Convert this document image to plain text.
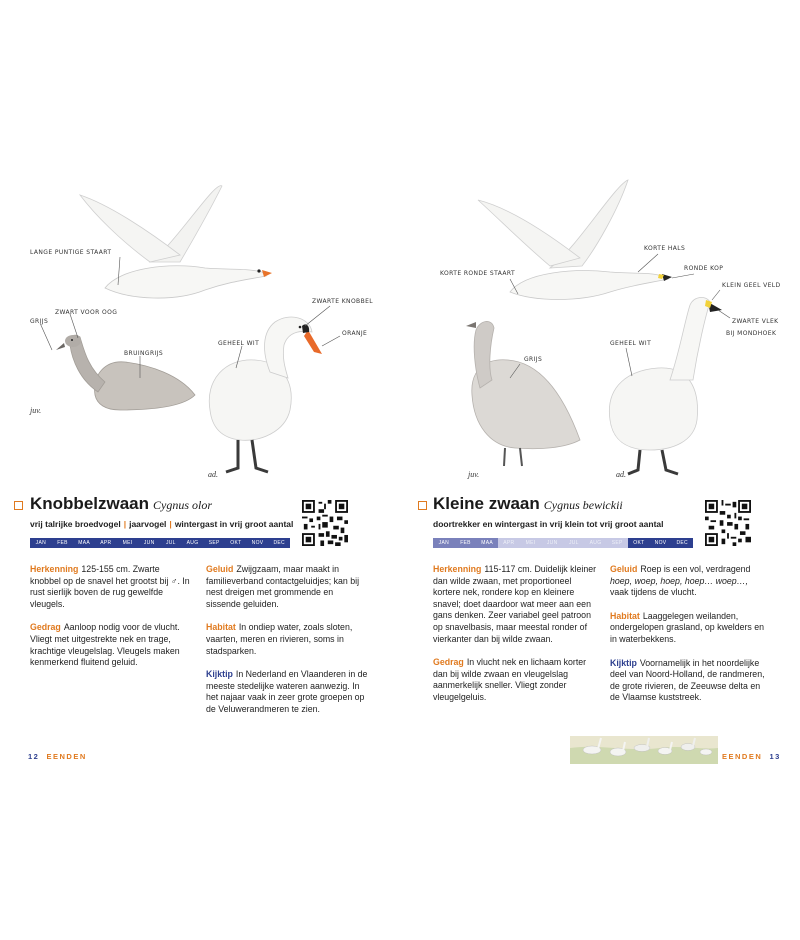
LANGE PUNTIGE STAART
ZWART VOOR OOG
GRIJS
BRUINGRIJS
ZWARTE KNOBBEL
ORANJE
GEHEEL WIT
juv.
ad.
Knobbelzwaan Cygnus olor
vrij talrijke broedvogel | jaarvogel | wintergast in vrij groot aantal
JAN	FEB	MAA	APR	MEI	JUN	JUL	AUG	SEP	OKT	NOV	DEC

Herkenning 125-155 cm. Zwarte knobbel op de snavel het grootst bij ♂. In rust sierlijk boven de rug gewelfde vleugels.

Gedrag Aanloop nodig voor de vlucht. Vliegt met uitgestrekte nek en trage, krachtige vleugelslag. Vleugels maken kenmerkend fluitend geluid.

Geluid Zwijgzaam, maar maakt in familieverband contactgeluidjes; kan bij nest dreigen met grommende en sissende geluiden.

Habitat In ondiep water, zoals sloten, vaarten, meren en rivieren, soms in stadsparken.

Kijktip In Nederland en Vlaanderen in de meeste stedelijke wateren aanwezig. In het najaar vaak in zeer grote groepen op de Veluwerandmeren te zien.

12 EENDEN
KORTE HALS
RONDE KOP
KORTE RONDE STAART
KLEIN GEEL VELD
ZWARTE VLEK
BIJ MONDHOEK
GRIJS
GEHEEL WIT
juv.	ad.
Kleine zwaan Cygnus bewickii
doortrekker en wintergast in vrij klein tot vrij groot aantal
JAN	FEB	MAA	APR	MEI	JUN	JUL	AUG	SEP	OKT	NOV	DEC

Herkenning 115-117 cm. Duidelijk kleiner dan wilde zwaan, met proportioneel kortere nek, rondere kop en kleinere snavel; doet daardoor wat meer aan een gans denken. Zeer variabel geel patroon op snavelbasis, maar meestal ronder of vierkanter dan bij wilde zwaan.

Gedrag In vlucht nek en lichaam korter dan bij wilde zwaan en vleugelslag aanmerkelijk sneller. Vliegt zonder vleugelgeluis.

Geluid Roep is een vol, verdragend hoep, woep, hoep, hoep… woep…, vaak tijdens de vlucht.

Habitat Laaggelegen weilanden, ondergelopen grasland, op kwelders en in waterbekkens.

Kijktip Voornamelijk in het noordelijke deel van Noord-Holland, de randmeren, de grote rivieren, de Zeeuwse delta en de Vlaamse kuststreek.

EENDEN 13
